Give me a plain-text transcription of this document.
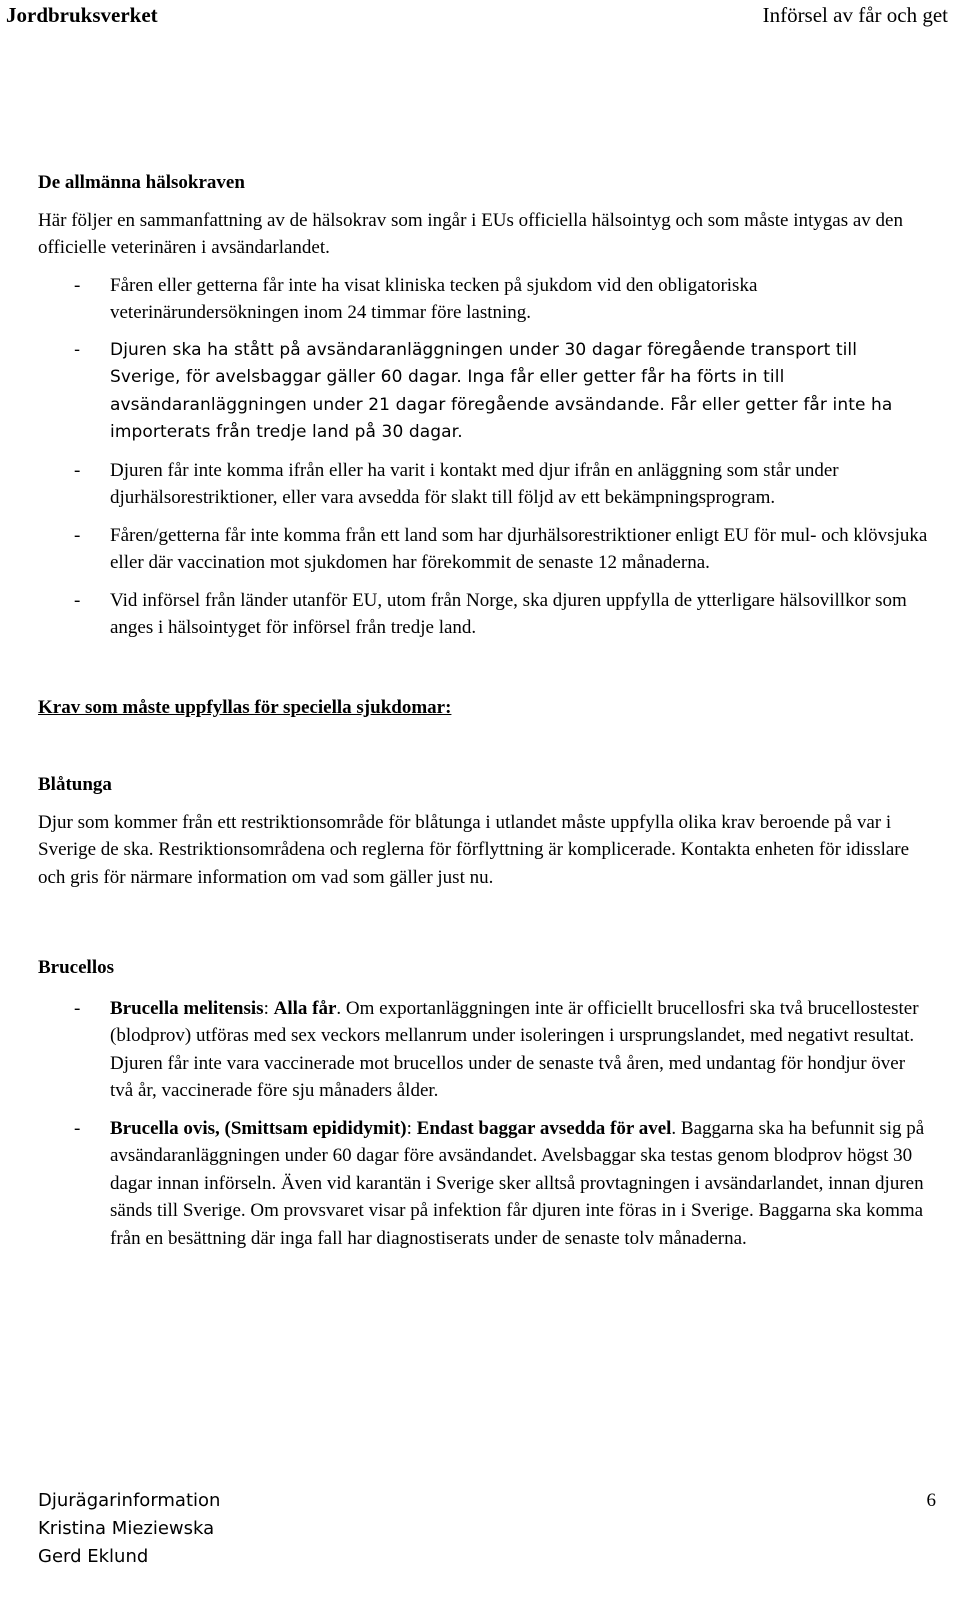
Jordbruksverket	Införsel av får och get
De allmänna hälsokraven

Här följer en sammanfattning av de hälsokrav som ingår i EUs officiella hälsointyg och som måste intygas av den officielle veterinären i avsändarlandet.

- Fåren eller getterna får inte ha visat kliniska tecken på sjukdom vid den obligatoriska veterinärundersökningen inom 24 timmar före lastning.
- Djuren ska ha stått på avsändaranläggningen under 30 dagar föregående transport till Sverige, för avelsbaggar gäller 60 dagar. Inga får eller getter får ha förts in till avsändaranläggningen under 21 dagar föregående avsändande. Får eller getter får inte ha importerats från tredje land på 30 dagar.
- Djuren får inte komma ifrån eller ha varit i kontakt med djur ifrån en anläggning som står under djurhälsorestriktioner, eller vara avsedda för slakt till följd av ett bekämpningsprogram.
- Fåren/getterna får inte komma från ett land som har djurhälsorestriktioner enligt EU för mul- och klövsjuka eller där vaccination mot sjukdomen har förekommit de senaste 12 månaderna.
- Vid införsel från länder utanför EU, utom från Norge, ska djuren uppfylla de ytterligare hälsovillkor som anges i hälsointyget för införsel från tredje land.
Krav som måste uppfyllas för speciella sjukdomar:
Blåtunga

Djur som kommer från ett restriktionsområde för blåtunga i utlandet måste uppfylla olika krav beroende på var i Sverige de ska. Restriktionsområdena och reglerna för förflyttning är komplicerade. Kontakta enheten för idisslare och gris för närmare information om vad som gäller just nu.

Brucellos
- Brucella melitensis: Alla får. Om exportanläggningen inte är officiellt brucellosfri ska två brucellostester (blodprov) utföras med sex veckors mellanrum under isoleringen i ursprungslandet, med negativt resultat. Djuren får inte vara vaccinerade mot brucellos under de senaste två åren, med undantag för hondjur över två år, vaccinerade före sju månaders ålder.
- Brucella ovis, (Smittsam epididymit): Endast baggar avsedda för avel. Baggarna ska ha befunnit sig på avsändaranläggningen under 60 dagar före avsändandet. Avelsbaggar ska testas genom blodprov högst 30 dagar innan införseln. Även vid karantän i Sverige sker alltså provtagningen i avsändarlandet, innan djuren sänds till Sverige. Om provsvaret visar på infektion får djuren inte föras in i Sverige. Baggarna ska komma från en besättning där inga fall har diagnostiserats under de senaste tolv månaderna.
Djurägarinformation
Kristina Mieziewska
Gerd Eklund
6
